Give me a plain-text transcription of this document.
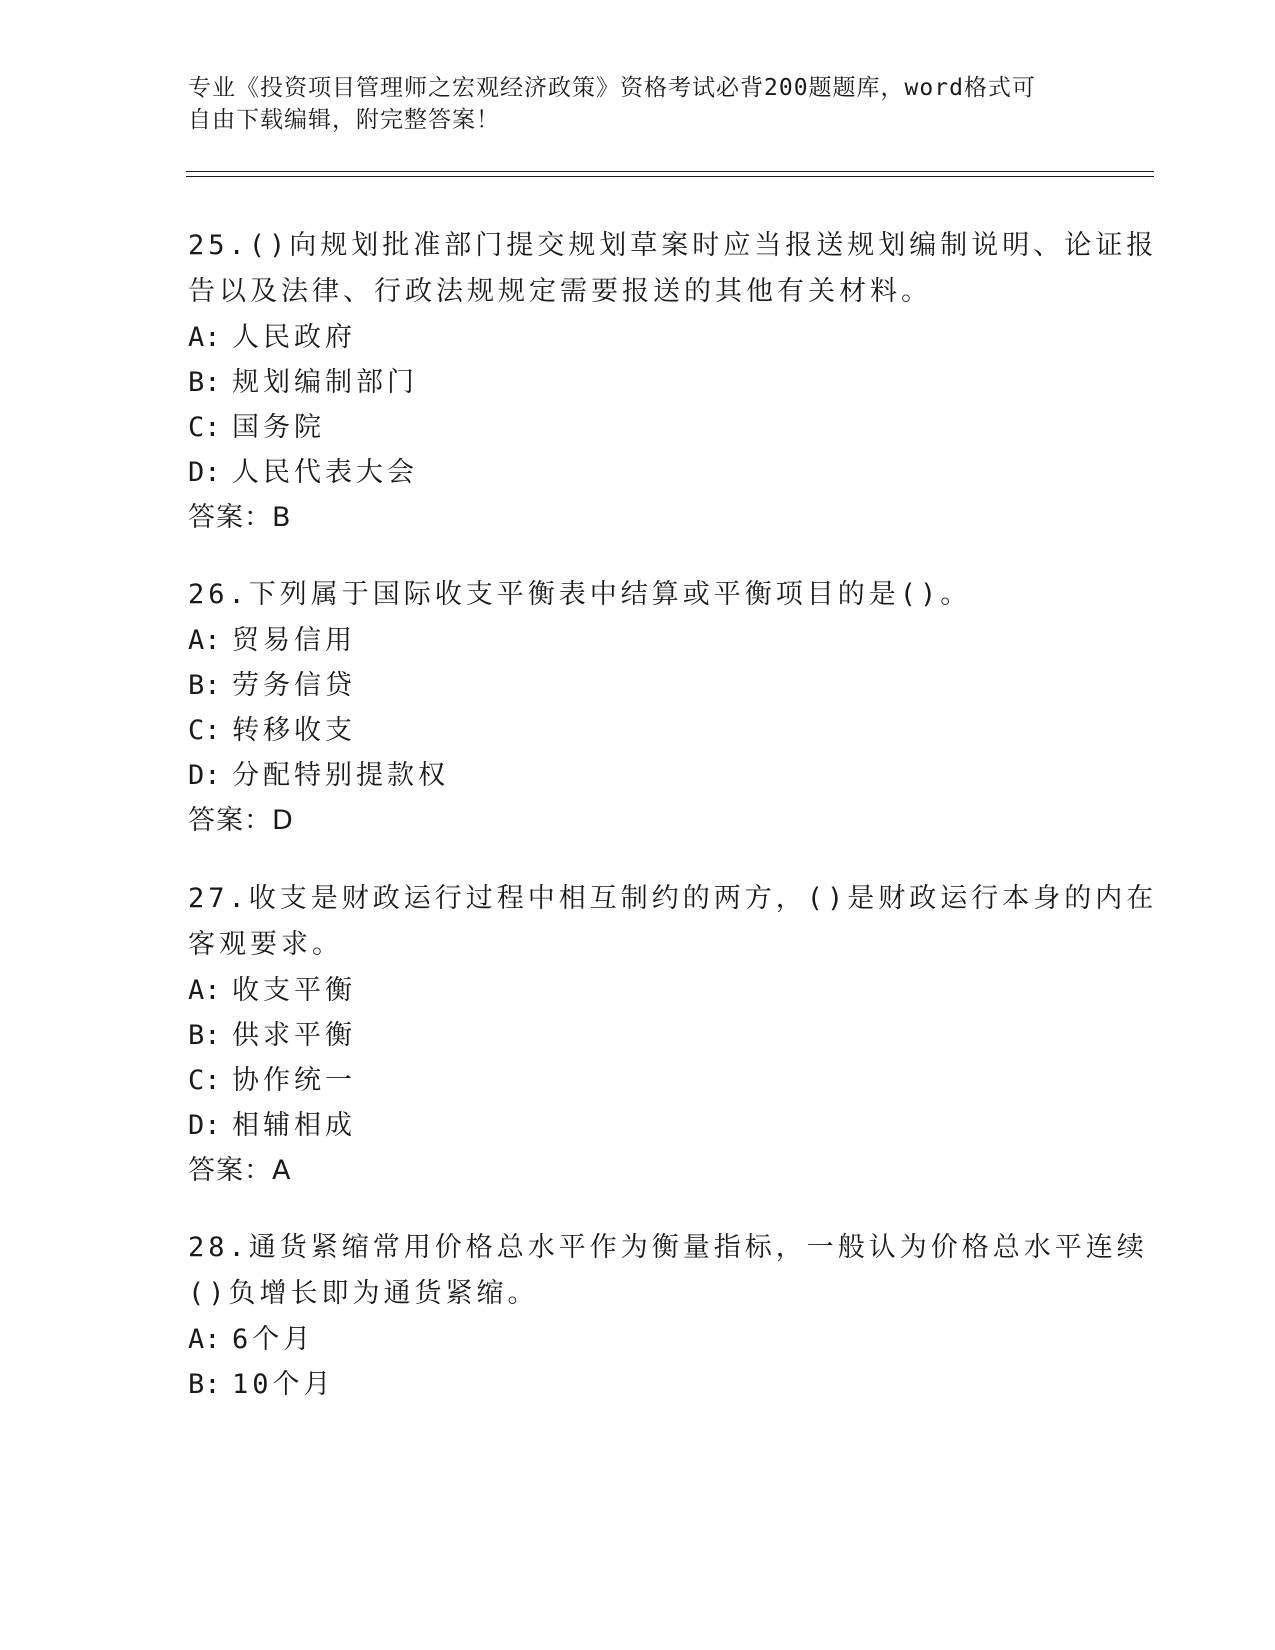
专业《投资项目管理师之宏观经济政策》资格考试必背200题题库，word格式可
自由下载编辑，附完整答案！
25.()向规划批准部门提交规划草案时应当报送规划编制说明、论证报
告以及法律、行政法规规定需要报送的其他有关材料。
A: 人民政府
B: 规划编制部门
C: 国务院
D: 人民代表大会
答案：B
26.下列属于国际收支平衡表中结算或平衡项目的是()。
A: 贸易信用
B: 劳务信贷
C: 转移收支
D: 分配特别提款权
答案：D
27.收支是财政运行过程中相互制约的两方，()是财政运行本身的内在
客观要求。
A: 收支平衡
B: 供求平衡
C: 协作统一
D: 相辅相成
答案：A
28.通货紧缩常用价格总水平作为衡量指标，一般认为价格总水平连续
()负增长即为通货紧缩。
A: 6个月
B: 10个月
